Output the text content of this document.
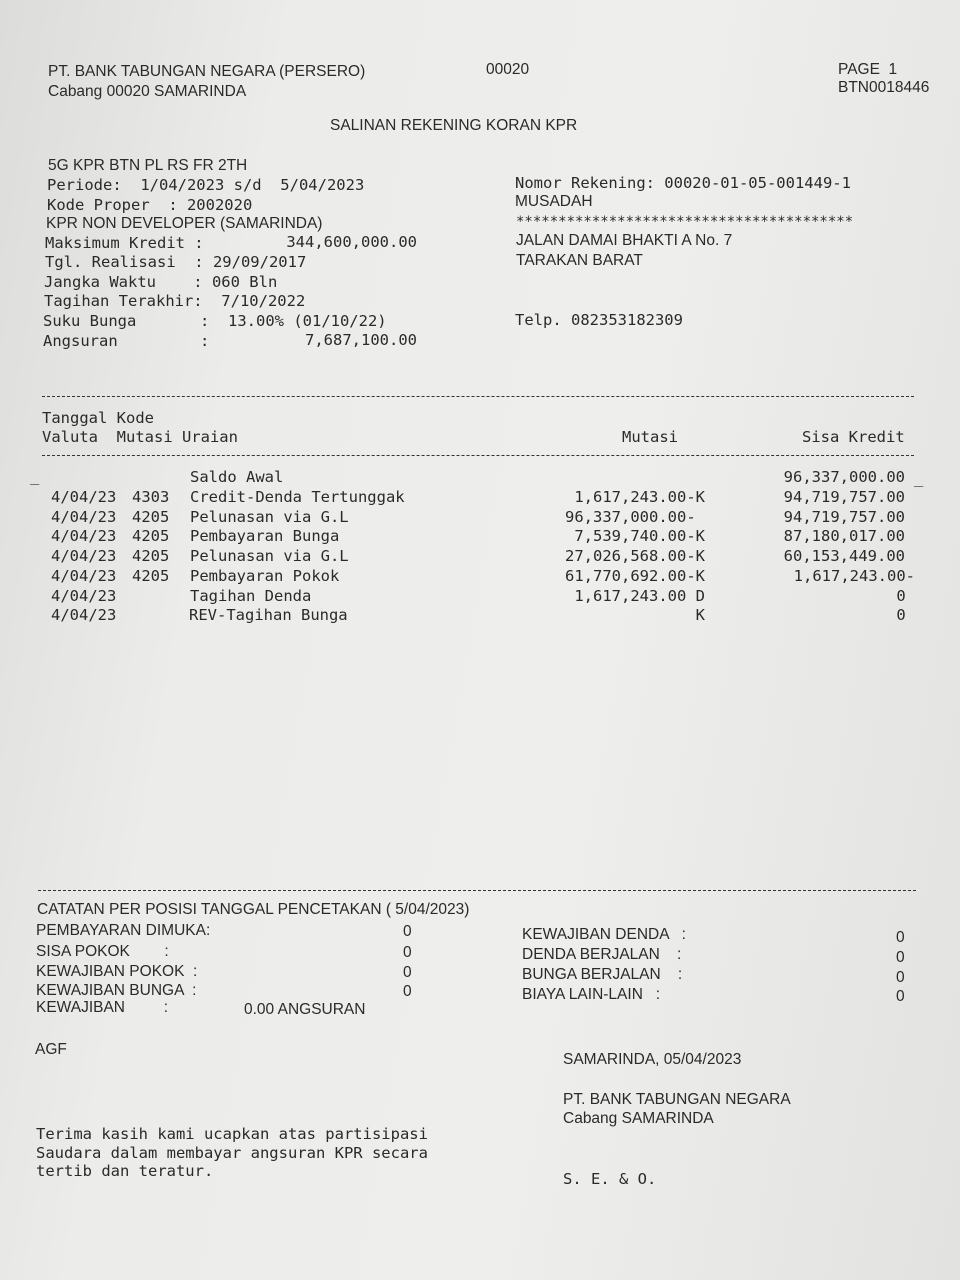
PT. BANK TABUNGAN NEGARA (PERSERO)
Cabang 00020 SAMARINDA
00020	PAGE  1
BTN0018446
SALINAN REKENING KORAN KPR
5G KPR BTN PL RS FR 2TH
Periode:  1/04/2023 s/d  5/04/2023
Kode Proper  : 2002020
KPR NON DEVELOPER (SAMARINDA)
Maksimum Kredit :	344,600,000.00
Tgl. Realisasi  : 29/09/2017
Jangka Waktu    : 060 Bln
Tagihan Terakhir:  7/10/2022
Suku Bunga	:  13.00% (01/10/22)
Angsuran	:	7,687,100.00
Nomor Rekening: 00020-01-05-001449-1
MUSADAH
****************************************
JALAN DAMAI BHAKTI A No. 7
TARAKAN BARAT
Telp. 082353182309
Tanggal Kode
Valuta  Mutasi Uraian	Mutasi	Sisa Kredit
_	_
Saldo Awal	96,337,000.00
4/04/23 4303 Credit-Denda Tertunggak	1,617,243.00-K	94,719,757.00
4/04/23 4205 Pelunasan via G.L	96,337,000.00-	94,719,757.00
4/04/23 4205 Pembayaran Bunga	7,539,740.00-K	87,180,017.00
4/04/23 4205 Pelunasan via G.L	27,026,568.00-K	60,153,449.00
4/04/23 4205 Pembayaran Pokok	61,770,692.00-K	1,617,243.00-
4/04/23	Tagihan Denda	1,617,243.00 D	0
4/04/23	REV-Tagihan Bunga	K	0
CATATAN PER POSISI TANGGAL PENCETAKAN ( 5/04/2023)
PEMBAYARAN DIMUKA:	0
SISA POKOK        :	0
KEWAJIBAN POKOK  :	0
KEWAJIBAN BUNGA  :	0
KEWAJIBAN         :	0.00 ANGSURAN
KEWAJIBAN DENDA   :	0
DENDA BERJALAN    :	0
BUNGA BERJALAN    :	0
BIAYA LAIN-LAIN   :	0
AGF
SAMARINDA, 05/04/2023
PT. BANK TABUNGAN NEGARA
Cabang SAMARINDA
Terima kasih kami ucapkan atas partisipasi
Saudara dalam membayar angsuran KPR secara
tertib dan teratur.	S. E. & O.
